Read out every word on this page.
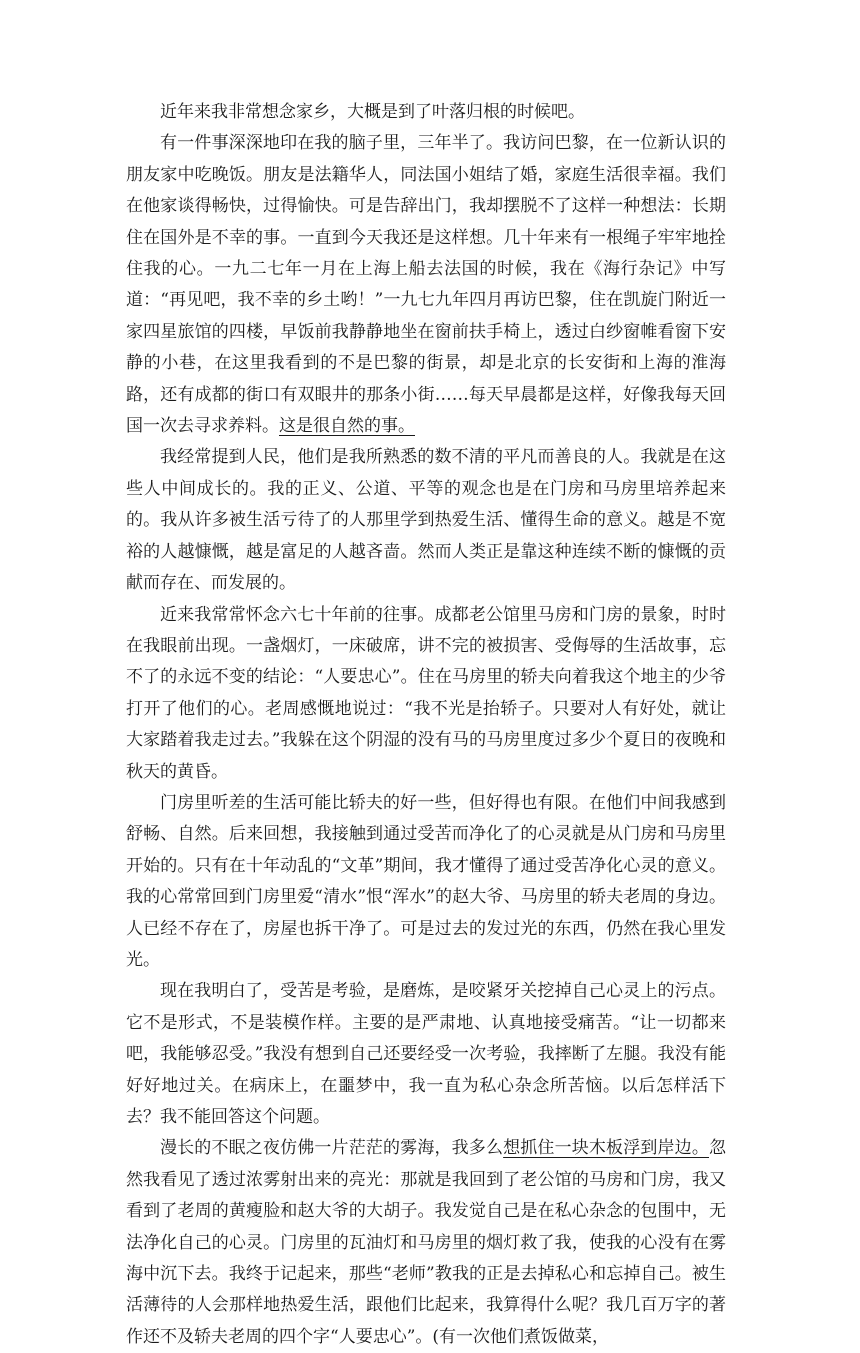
近年来我非常想念家乡，大概是到了叶落归根的时候吧。

有一件事深深地印在我的脑子里，三年半了。我访问巴黎，在一位新认识的朋友家中吃晚饭。朋友是法籍华人，同法国小姐结了婚，家庭生活很幸福。我们在他家谈得畅快，过得愉快。可是告辞出门，我却摆脱不了这样一种想法：长期住在国外是不幸的事。一直到今天我还是这样想。几十年来有一根绳子牢牢地拴住我的心。一九二七年一月在上海上船去法国的时候，我在《海行杂记》中写道：“再见吧，我不幸的乡土哟！”一九七九年四月再访巴黎，住在凯旋门附近一家四星旅馆的四楼，早饭前我静静地坐在窗前扶手椅上，透过白纱窗帷看窗下安静的小巷，在这里我看到的不是巴黎的街景，却是北京的长安街和上海的淮海路，还有成都的街口有双眼井的那条小街……每天早晨都是这样，好像我每天回国一次去寻求养料。这是很自然的事。

我经常提到人民，他们是我所熟悉的数不清的平凡而善良的人。我就是在这些人中间成长的。我的正义、公道、平等的观念也是在门房和马房里培养起来的。我从许多被生活亏待了的人那里学到热爱生活、懂得生命的意义。越是不宽裕的人越慷慨，越是富足的人越吝啬。然而人类正是靠这种连续不断的慷慨的贡献而存在、而发展的。

近来我常常怀念六七十年前的往事。成都老公馆里马房和门房的景象，时时在我眼前出现。一盏烟灯，一床破席，讲不完的被损害、受侮辱的生活故事，忘不了的永远不变的结论：“人要忠心”。住在马房里的轿夫向着我这个地主的少爷打开了他们的心。老周感慨地说过：“我不光是抬轿子。只要对人有好处，就让大家踏着我走过去。”我躲在这个阴湿的没有马的马房里度过多少个夏日的夜晚和秋天的黄昏。

门房里听差的生活可能比轿夫的好一些，但好得也有限。在他们中间我感到舒畅、自然。后来回想，我接触到通过受苦而净化了的心灵就是从门房和马房里开始的。只有在十年动乱的“文革”期间，我才懂得了通过受苦净化心灵的意义。我的心常常回到门房里爱“清水”恨“浑水”的赵大爷、马房里的轿夫老周的身边。人已经不存在了，房屋也拆干净了。可是过去的发过光的东西，仍然在我心里发光。

现在我明白了，受苦是考验，是磨炼，是咬紧牙关挖掉自己心灵上的污点。它不是形式，不是装模作样。主要的是严肃地、认真地接受痛苦。“让一切都来吧，我能够忍受。”我没有想到自己还要经受一次考验，我摔断了左腿。我没有能好好地过关。在病床上，在噩梦中，我一直为私心杂念所苦恼。以后怎样活下去？我不能回答这个问题。

漫长的不眠之夜仿佛一片茫茫的雾海，我多么想抓住一块木板浮到岸边。忽然我看见了透过浓雾射出来的亮光：那就是我回到了老公馆的马房和门房，我又看到了老周的黄瘦脸和赵大爷的大胡子。我发觉自己是在私心杂念的包围中，无法净化自己的心灵。门房里的瓦油灯和马房里的烟灯救了我，使我的心没有在雾海中沉下去。我终于记起来，那些“老师”教我的正是去掉私心和忘掉自己。被生活薄待的人会那样地热爱生活，跟他们比起来，我算得什么呢？我几百万字的著作还不及轿夫老周的四个字“人要忠心”。(有一次他们煮饭做菜，
